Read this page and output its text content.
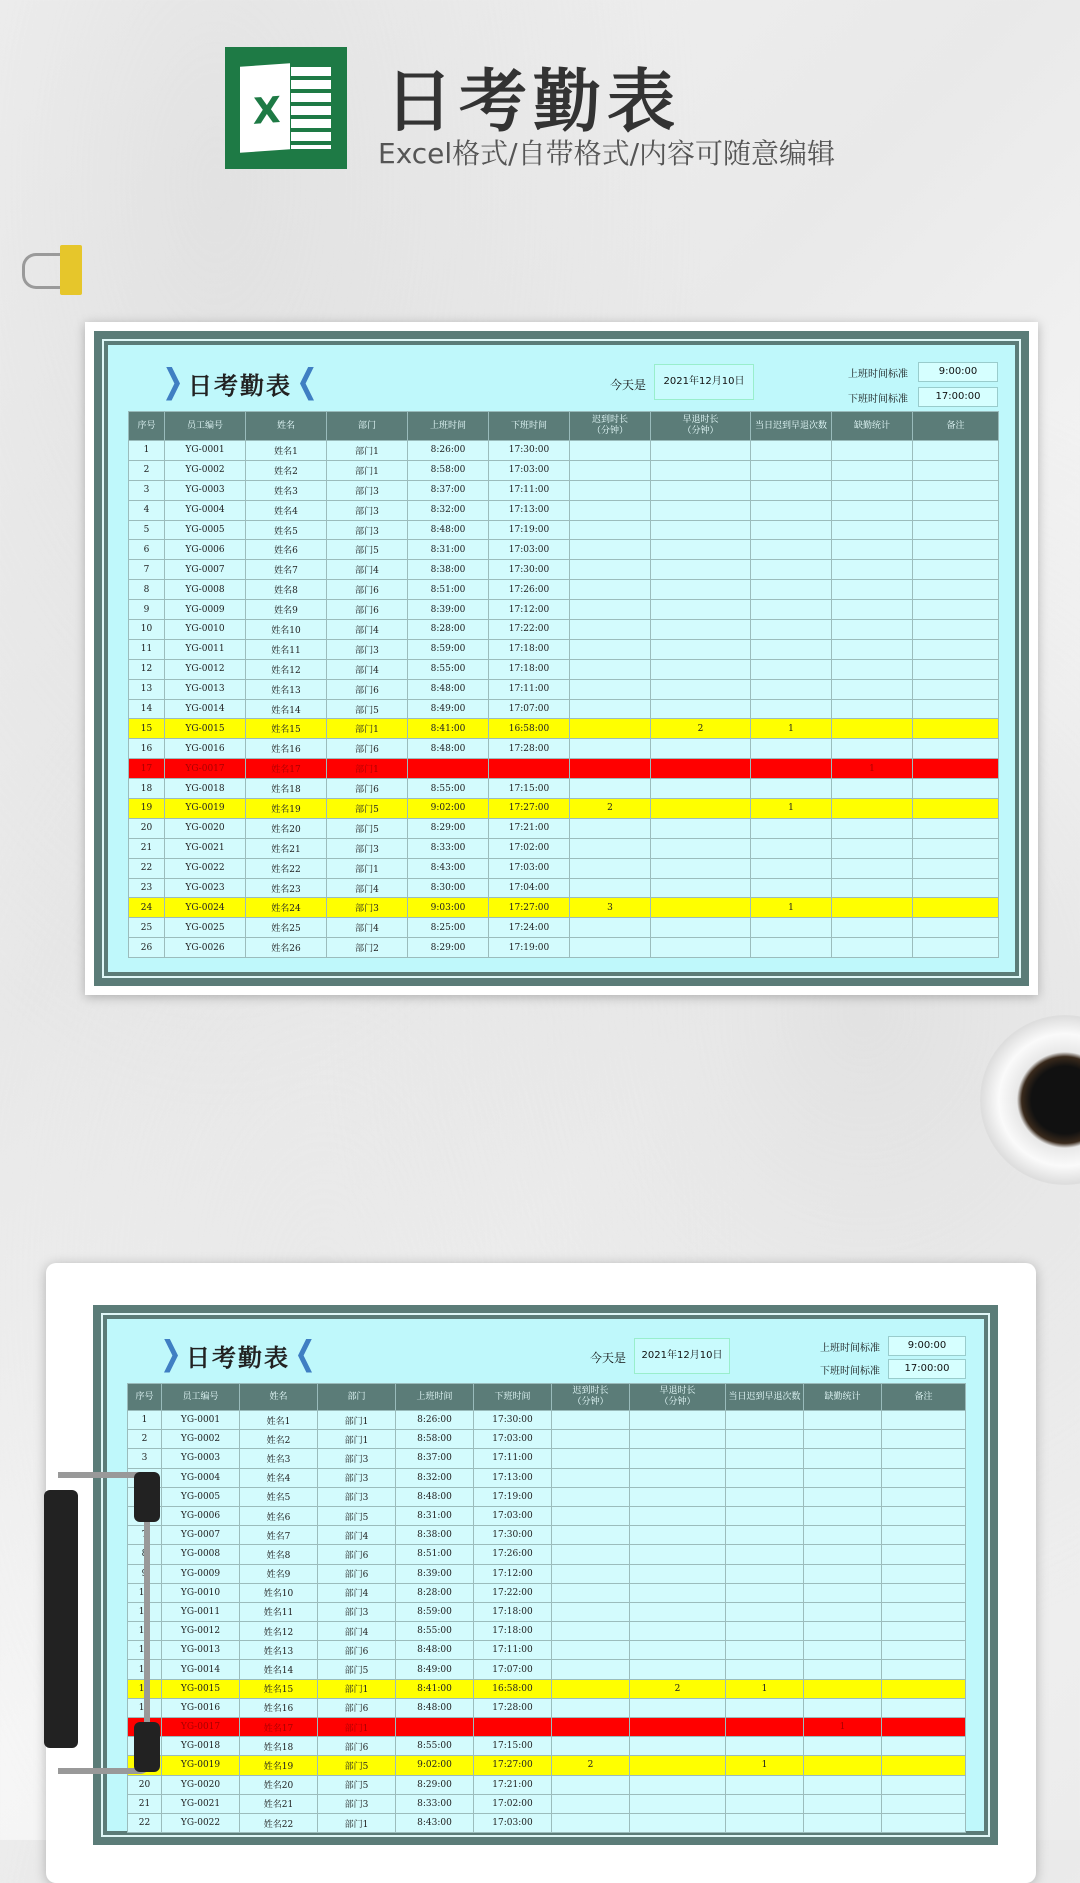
X 日考勤表
Excel格式/自带格式/内容可随意编辑
日考勤表	今天是	2021年12月10日
上班时间标准	9:00:00
下班时间标准	17:00:00
序号	员工编号	姓名	部门	上班时间	下班时间	迟到时长
（分钟）	早退时长
（分钟）	当日迟到早退次数	缺勤统计	备注
1	YG-0001	姓名1	部门1	8:26:00	17:30:00					
2	YG-0002	姓名2	部门1	8:58:00	17:03:00					
3	YG-0003	姓名3	部门3	8:37:00	17:11:00					
4	YG-0004	姓名4	部门3	8:32:00	17:13:00					
5	YG-0005	姓名5	部门3	8:48:00	17:19:00					
6	YG-0006	姓名6	部门5	8:31:00	17:03:00					
7	YG-0007	姓名7	部门4	8:38:00	17:30:00					
8	YG-0008	姓名8	部门6	8:51:00	17:26:00					
9	YG-0009	姓名9	部门6	8:39:00	17:12:00					
10	YG-0010	姓名10	部门4	8:28:00	17:22:00					
11	YG-0011	姓名11	部门3	8:59:00	17:18:00					
12	YG-0012	姓名12	部门4	8:55:00	17:18:00					
13	YG-0013	姓名13	部门6	8:48:00	17:11:00					
14	YG-0014	姓名14	部门5	8:49:00	17:07:00					
15	YG-0015	姓名15	部门1	8:41:00	16:58:00		2	1		
16	YG-0016	姓名16	部门6	8:48:00	17:28:00					
17	YG-0017	姓名17	部门1						1	
18	YG-0018	姓名18	部门6	8:55:00	17:15:00					
19	YG-0019	姓名19	部门5	9:02:00	17:27:00	2		1		
20	YG-0020	姓名20	部门5	8:29:00	17:21:00					
21	YG-0021	姓名21	部门3	8:33:00	17:02:00					
22	YG-0022	姓名22	部门1	8:43:00	17:03:00					
23	YG-0023	姓名23	部门4	8:30:00	17:04:00					
24	YG-0024	姓名24	部门3	9:03:00	17:27:00	3		1		
25	YG-0025	姓名25	部门4	8:25:00	17:24:00					
26	YG-0026	姓名26	部门2	8:29:00	17:19:00					
日考勤表	今天是	2021年12月10日
上班时间标准	9:00:00
下班时间标准	17:00:00
序号	员工编号	姓名	部门	上班时间	下班时间	迟到时长
（分钟）	早退时长
（分钟）	当日迟到早退次数	缺勤统计	备注
1	YG-0001	姓名1	部门1	8:26:00	17:30:00					
2	YG-0002	姓名2	部门1	8:58:00	17:03:00					
3	YG-0003	姓名3	部门3	8:37:00	17:11:00					
	YG-0004	姓名4	部门3	8:32:00	17:13:00					
	YG-0005	姓名5	部门3	8:48:00	17:19:00					
	YG-0006	姓名6	部门5	8:31:00	17:03:00					
7	YG-0007	姓名7	部门4	8:38:00	17:30:00					
8	YG-0008	姓名8	部门6	8:51:00	17:26:00					
9	YG-0009	姓名9	部门6	8:39:00	17:12:00					
10	YG-0010	姓名10	部门4	8:28:00	17:22:00					
11	YG-0011	姓名11	部门3	8:59:00	17:18:00					
12	YG-0012	姓名12	部门4	8:55:00	17:18:00					
13	YG-0013	姓名13	部门6	8:48:00	17:11:00					
14	YG-0014	姓名14	部门5	8:49:00	17:07:00					
15	YG-0015	姓名15	部门1	8:41:00	16:58:00		2	1		
16	YG-0016	姓名16	部门6	8:48:00	17:28:00					
	YG-0017	姓名17	部门1						1	
	YG-0018	姓名18	部门6	8:55:00	17:15:00					
	YG-0019	姓名19	部门5	9:02:00	17:27:00	2		1		
20	YG-0020	姓名20	部门5	8:29:00	17:21:00					
21	YG-0021	姓名21	部门3	8:33:00	17:02:00					
22	YG-0022	姓名22	部门1	8:43:00	17:03:00					
